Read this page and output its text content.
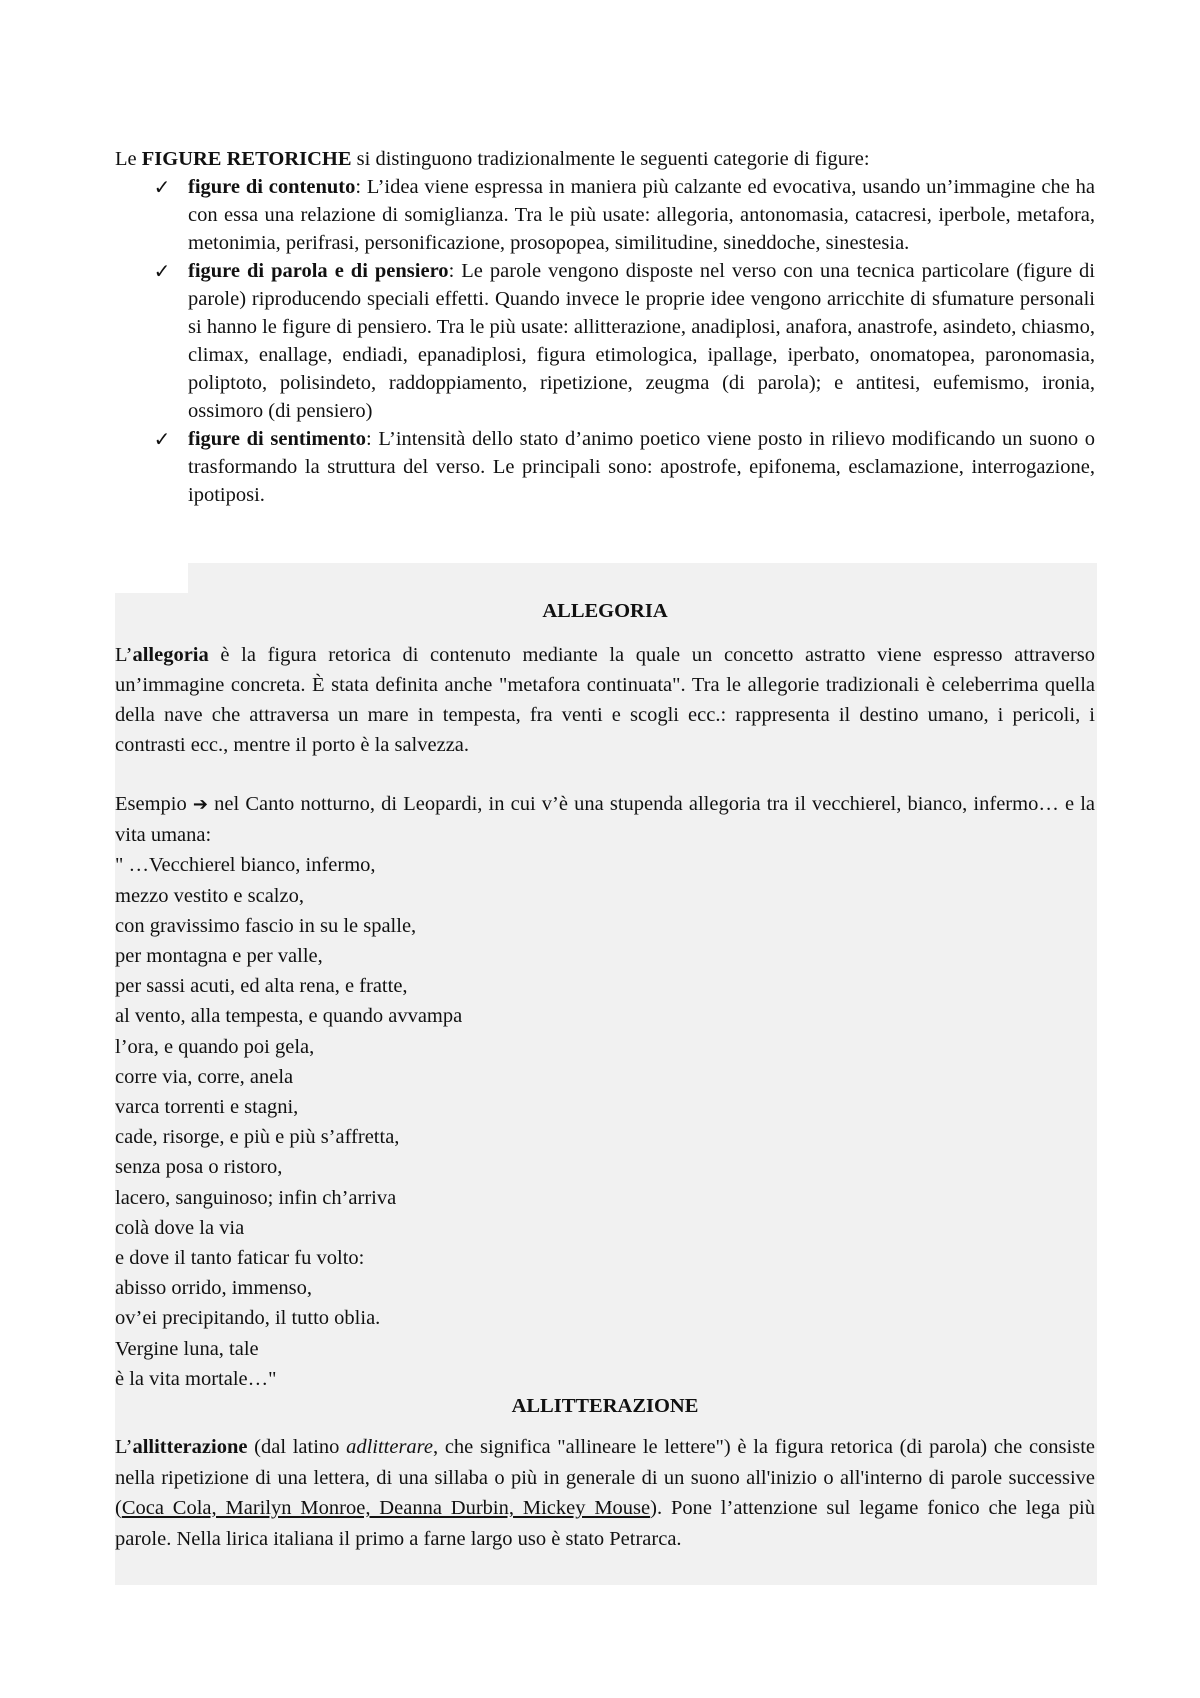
Le FIGURE RETORICHE si distinguono tradizionalmente le seguenti categorie di figure:

✓ figure di contenuto: L’idea viene espressa in maniera più calzante ed evocativa, usando un’immagine che ha con essa una relazione di somiglianza. Tra le più usate: allegoria, antonomasia, catacresi, iperbole, metafora, metonimia, perifrasi, personificazione, prosopopea, similitudine, sineddoche, sinestesia.
✓ figure di parola e di pensiero: Le parole vengono disposte nel verso con una tecnica particolare (figure di parole) riproducendo speciali effetti. Quando invece le proprie idee vengono arricchite di sfumature personali si hanno le figure di pensiero. Tra le più usate: allitterazione, anadiplosi, anafora, anastrofe, asindeto, chiasmo, climax, enallage, endiadi, epanadiplosi, figura etimologica, ipallage, iperbato, onomatopea, paronomasia, poliptoto, polisindeto, raddoppiamento, ripetizione, zeugma (di parola); e antitesi, eufemismo, ironia, ossimoro (di pensiero)
✓ figure di sentimento: L’intensità dello stato d’animo poetico viene posto in rilievo modificando un suono o trasformando la struttura del verso. Le principali sono: apostrofe, epifonema, esclamazione, interrogazione, ipotiposi.

ALLEGORIA

L’allegoria è la figura retorica di contenuto mediante la quale un concetto astratto viene espresso attraverso un’immagine concreta. È stata definita anche "metafora continuata". Tra le allegorie tradizionali è celeberrima quella della nave che attraversa un mare in tempesta, fra venti e scogli ecc.: rappresenta il destino umano, i pericoli, i contrasti ecc., mentre il porto è la salvezza.

Esempio ➔ nel Canto notturno, di Leopardi, in cui v’è una stupenda allegoria tra il vecchierel, bianco, infermo… e la vita umana:

" …Vecchierel bianco, infermo,

mezzo vestito e scalzo,

con gravissimo fascio in su le spalle,

per montagna e per valle,

per sassi acuti, ed alta rena, e fratte,

al vento, alla tempesta, e quando avvampa

l’ora, e quando poi gela,

corre via, corre, anela

varca torrenti e stagni,

cade, risorge, e più e più s’affretta,

senza posa o ristoro,

lacero, sanguinoso; infin ch’arriva

colà dove la via

e dove il tanto faticar fu volto:

abisso orrido, immenso,

ov’ei precipitando, il tutto oblia.

Vergine luna, tale

è la vita mortale…"

ALLITTERAZIONE

L’allitterazione (dal latino adlitterare, che significa "allineare le lettere") è la figura retorica (di parola) che consiste nella ripetizione di una lettera, di una sillaba o più in generale di un suono all'inizio o all'interno di parole successive (Coca Cola, Marilyn Monroe, Deanna Durbin, Mickey Mouse). Pone l’attenzione sul legame fonico che lega più parole. Nella lirica italiana il primo a farne largo uso è stato Petrarca.
